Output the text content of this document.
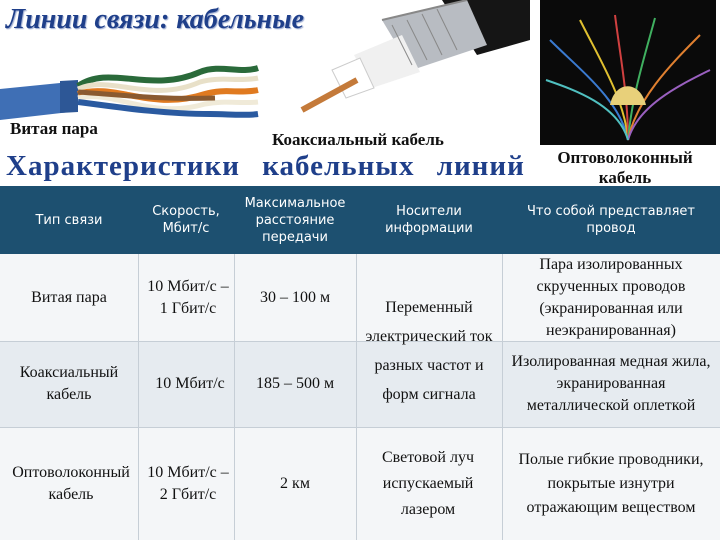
Линии связи: кабельные
Витая пара
Коаксиальный кабель
Оптоволоконный кабель
Характеристики кабельных линий
Тип связи
Скорость, Мбит/с
Максимальное расстояние передачи
Носители информации
Что собой представляет провод
Витая пара
10 Мбит/с – 1 Гбит/с
30 – 100 м
Пара изолированных скрученных проводов (экранированная или неэкранированная)
Переменный электрический ток разных частот и форм сигнала
Коаксиальный кабель
10 Мбит/с	185 – 500 м
Изолированная медная жила, экранированная металлической оплеткой
Оптоволоконный кабель
10 Мбит/с – 2 Гбит/с
2 км
Световой луч испускаемый лазером
Полые гибкие проводники, покрытые изнутри отражающим веществом
